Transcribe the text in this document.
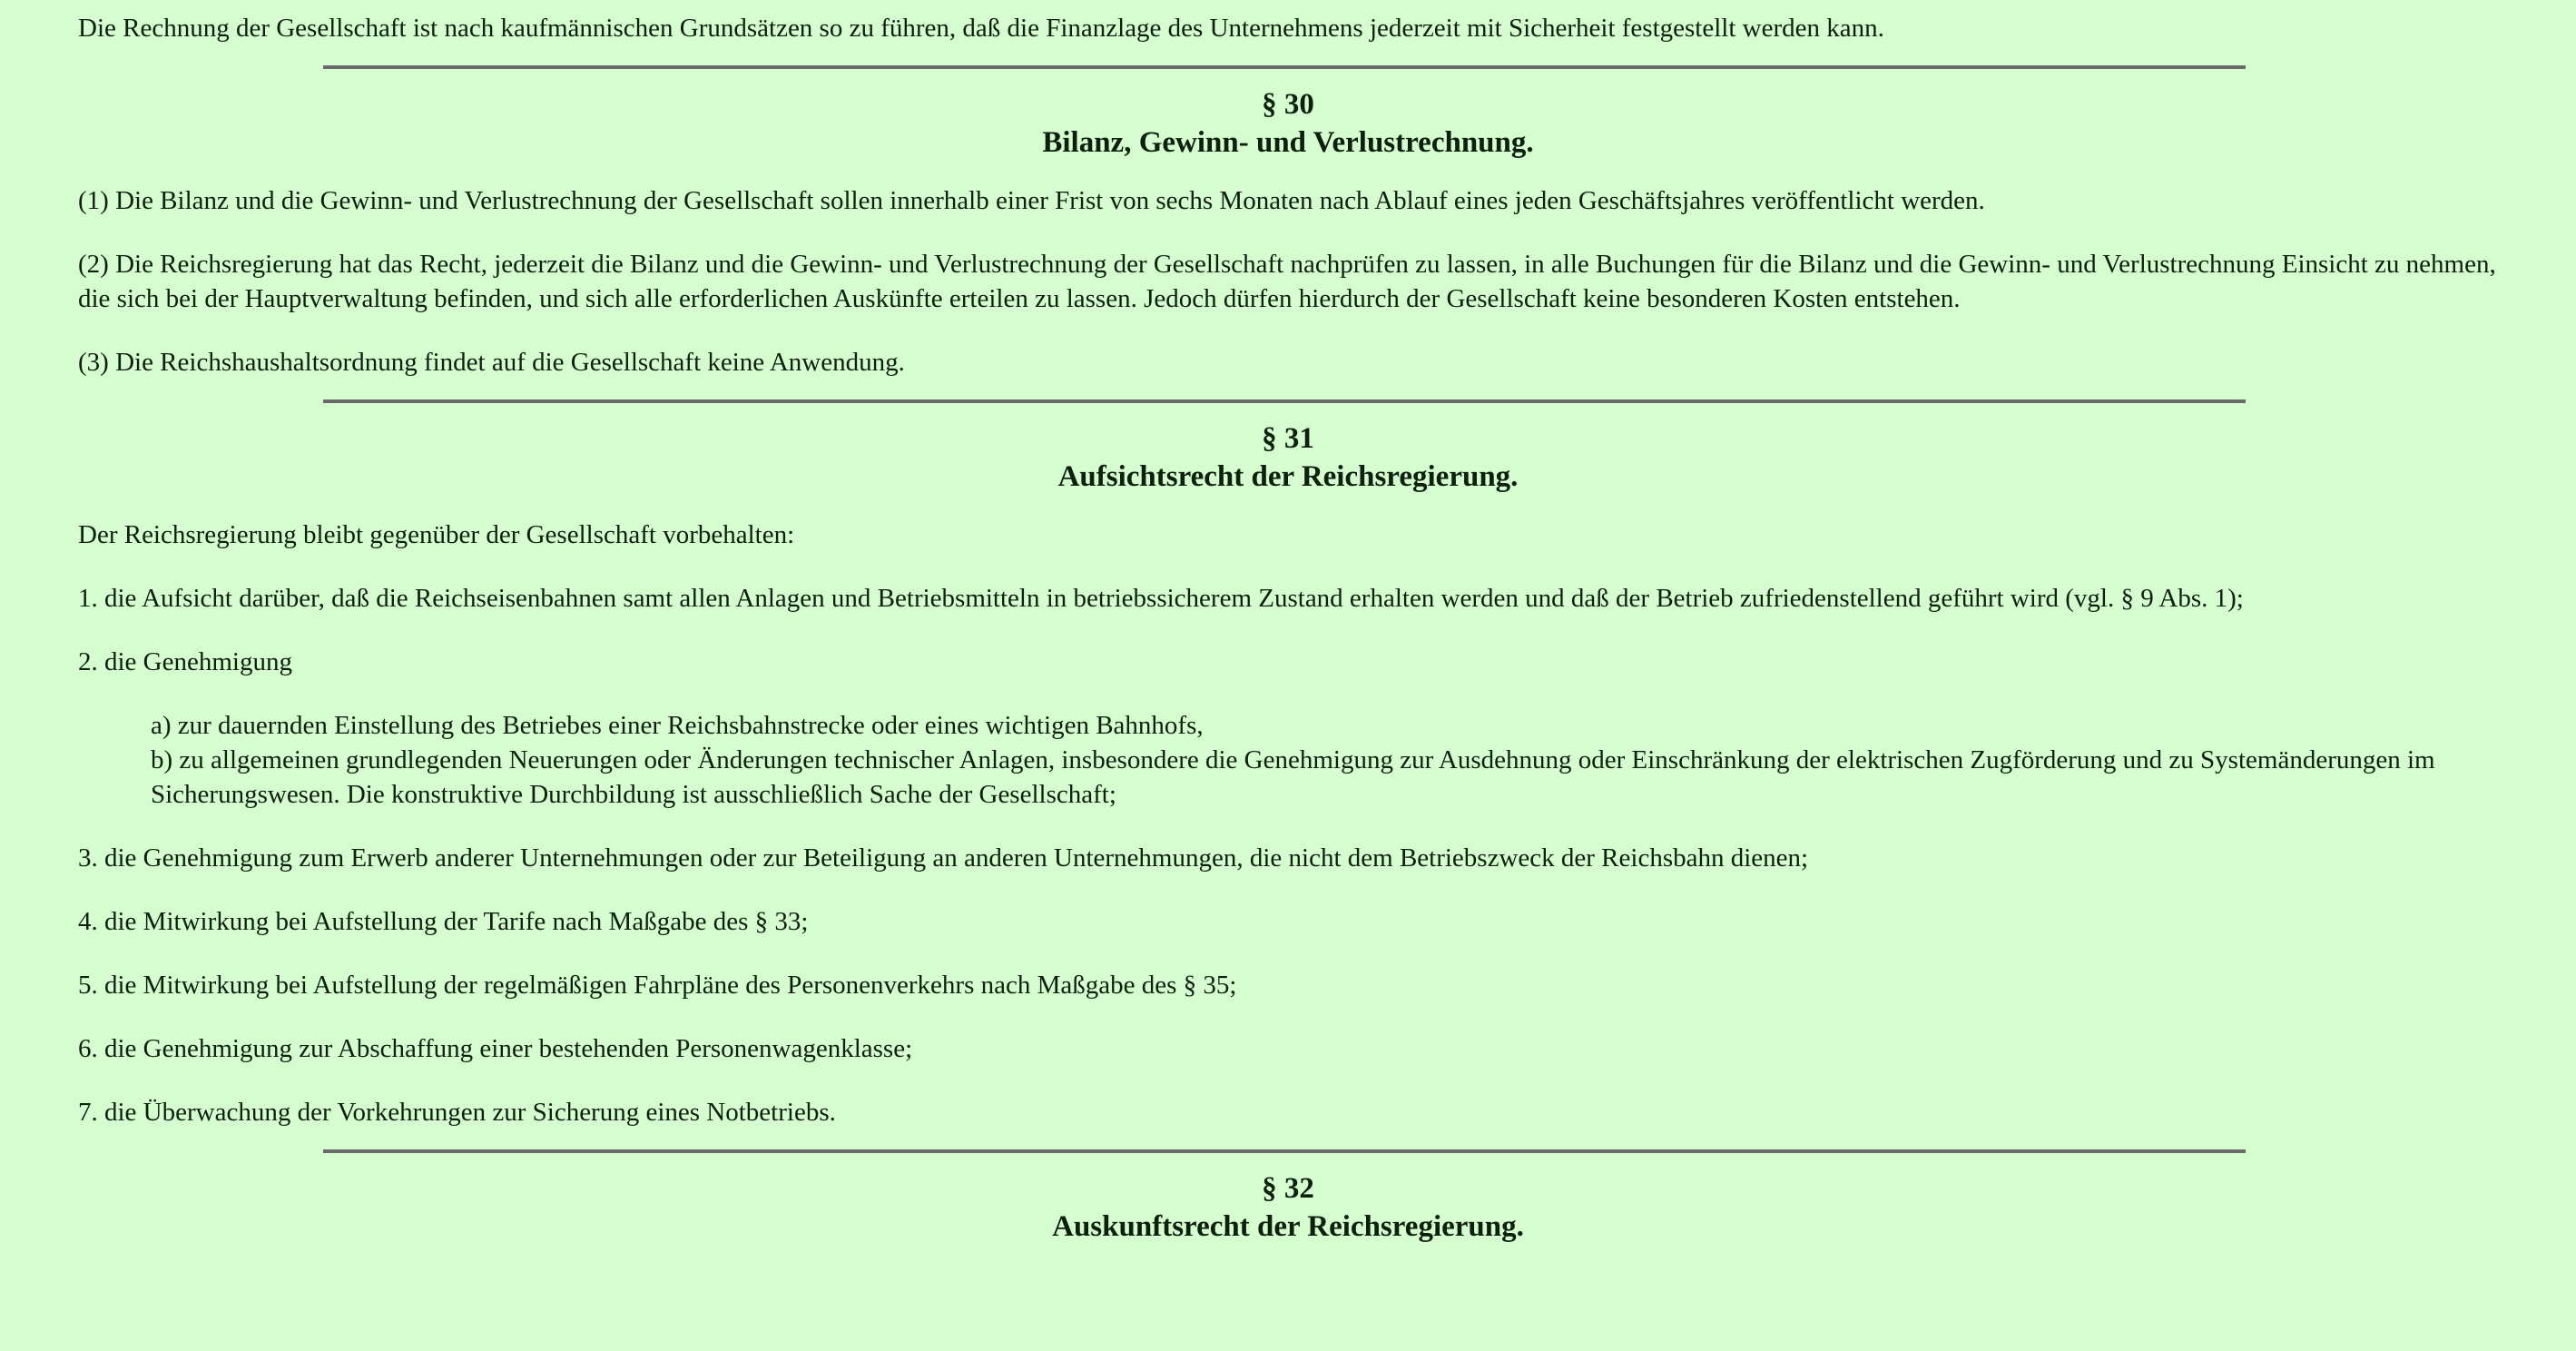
Die Rechnung der Gesellschaft ist nach kaufmännischen Grundsätzen so zu führen, daß die Finanzlage des Unternehmens jederzeit mit Sicherheit festgestellt werden kann.

§ 30
Bilanz, Gewinn- und Verlustrechnung.

(1) Die Bilanz und die Gewinn- und Verlustrechnung der Gesellschaft sollen innerhalb einer Frist von sechs Monaten nach Ablauf eines jeden Geschäftsjahres veröffentlicht werden.

(2) Die Reichsregierung hat das Recht, jederzeit die Bilanz und die Gewinn- und Verlustrechnung der Gesellschaft nachprüfen zu lassen, in alle Buchungen für die Bilanz und die Gewinn- und Verlustrechnung Einsicht zu nehmen, die sich bei der Hauptverwaltung befinden, und sich alle erforderlichen Auskünfte erteilen zu lassen. Jedoch dürfen hierdurch der Gesellschaft keine besonderen Kosten entstehen.

(3) Die Reichshaushaltsordnung findet auf die Gesellschaft keine Anwendung.

§ 31
Aufsichtsrecht der Reichsregierung.

Der Reichsregierung bleibt gegenüber der Gesellschaft vorbehalten:

1. die Aufsicht darüber, daß die Reichseisenbahnen samt allen Anlagen und Betriebsmitteln in betriebssicherem Zustand erhalten werden und daß der Betrieb zufriedenstellend geführt wird (vgl. § 9 Abs. 1);

2. die Genehmigung

a) zur dauernden Einstellung des Betriebes einer Reichsbahnstrecke oder eines wichtigen Bahnhofs,

b) zu allgemeinen grundlegenden Neuerungen oder Änderungen technischer Anlagen, insbesondere die Genehmigung zur Ausdehnung oder Einschränkung der elektrischen Zugförderung und zu Systemänderungen im Sicherungswesen. Die konstruktive Durchbildung ist ausschließlich Sache der Gesellschaft;

3. die Genehmigung zum Erwerb anderer Unternehmungen oder zur Beteiligung an anderen Unternehmungen, die nicht dem Betriebszweck der Reichsbahn dienen;

4. die Mitwirkung bei Aufstellung der Tarife nach Maßgabe des § 33;

5. die Mitwirkung bei Aufstellung der regelmäßigen Fahrpläne des Personenverkehrs nach Maßgabe des § 35;

6. die Genehmigung zur Abschaffung einer bestehenden Personenwagenklasse;

7. die Überwachung der Vorkehrungen zur Sicherung eines Notbetriebs.

§ 32
Auskunftsrecht der Reichsregierung.
